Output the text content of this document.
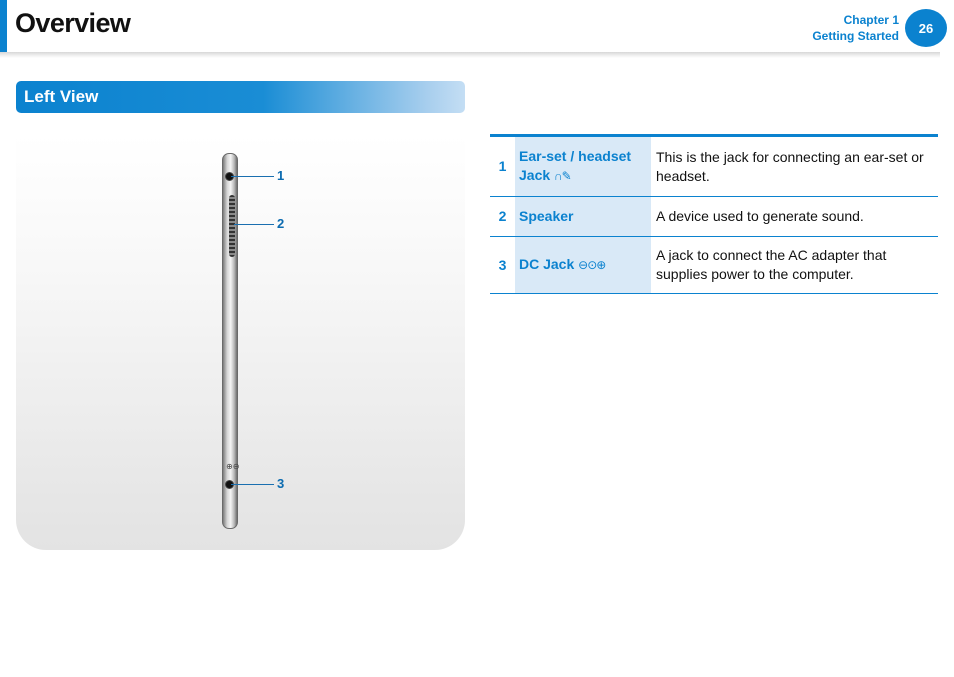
Overview	Chapter 1
Getting Started
26
Left View
⊕⊖
1
2
3
1	Ear-set / headset
Jack ∩✎	This is the jack for connecting an ear-set or headset.
2	Speaker	A device used to generate sound.
3	DC Jack ⊖⊙⊕	A jack to connect the AC adapter that supplies power to the computer.
